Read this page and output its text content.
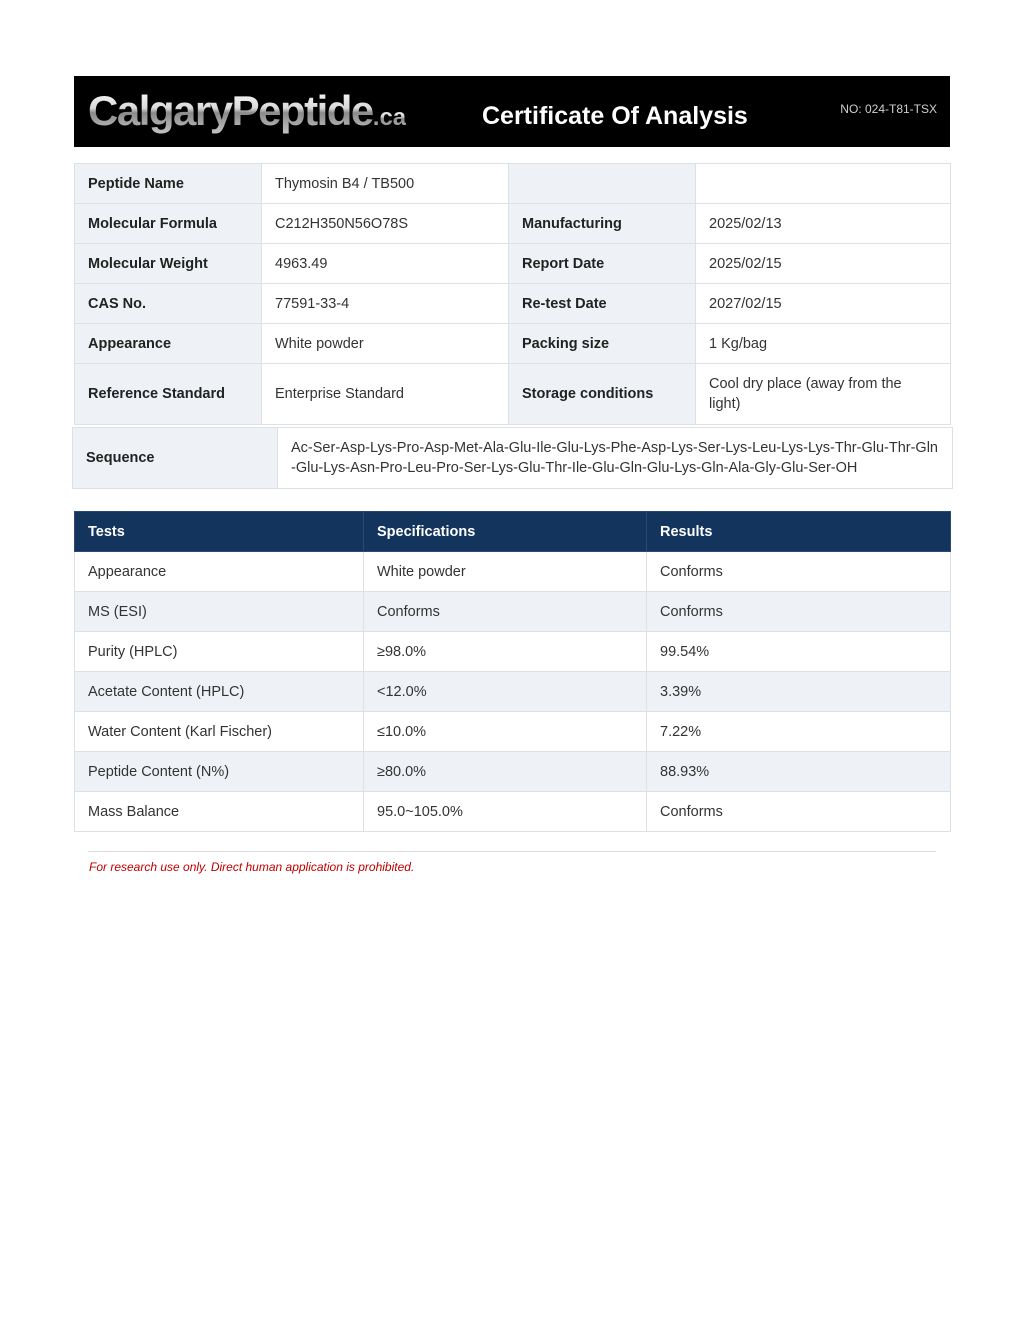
CalgaryPeptide.ca	Certificate Of Analysis	NO: 024-T81-TSX
Peptide Name	Thymosin B4 / TB500		
Molecular Formula	C212H350N56O78S	Manufacturing	2025/02/13
Molecular Weight	4963.49	Report Date	2025/02/15
CAS No.	77591-33-4	Re-test Date	2027/02/15
Appearance	White powder	Packing size	1 Kg/bag
Reference Standard	Enterprise Standard	Storage conditions	Cool dry place (away from the light)
Sequence	Ac-Ser-Asp-Lys-Pro-Asp-Met-Ala-Glu-Ile-Glu-Lys-Phe-Asp-Lys-Ser-Lys-Leu-Lys-Lys-Thr-Glu-Thr-Gln-Glu-Lys-Asn-Pro-Leu-Pro-Ser-Lys-Glu-Thr-Ile-Glu-Gln-Glu-Lys-Gln-Ala-Gly-Glu-Ser-OH
Tests	Specifications	Results
Appearance	White powder	Conforms
MS (ESI)	Conforms	Conforms
Purity (HPLC)	≥98.0%	99.54%
Acetate Content (HPLC)	<12.0%	3.39%
Water Content (Karl Fischer)	≤10.0%	7.22%
Peptide Content (N%)	≥80.0%	88.93%
Mass Balance	95.0~105.0%	Conforms
For research use only. Direct human application is prohibited.
